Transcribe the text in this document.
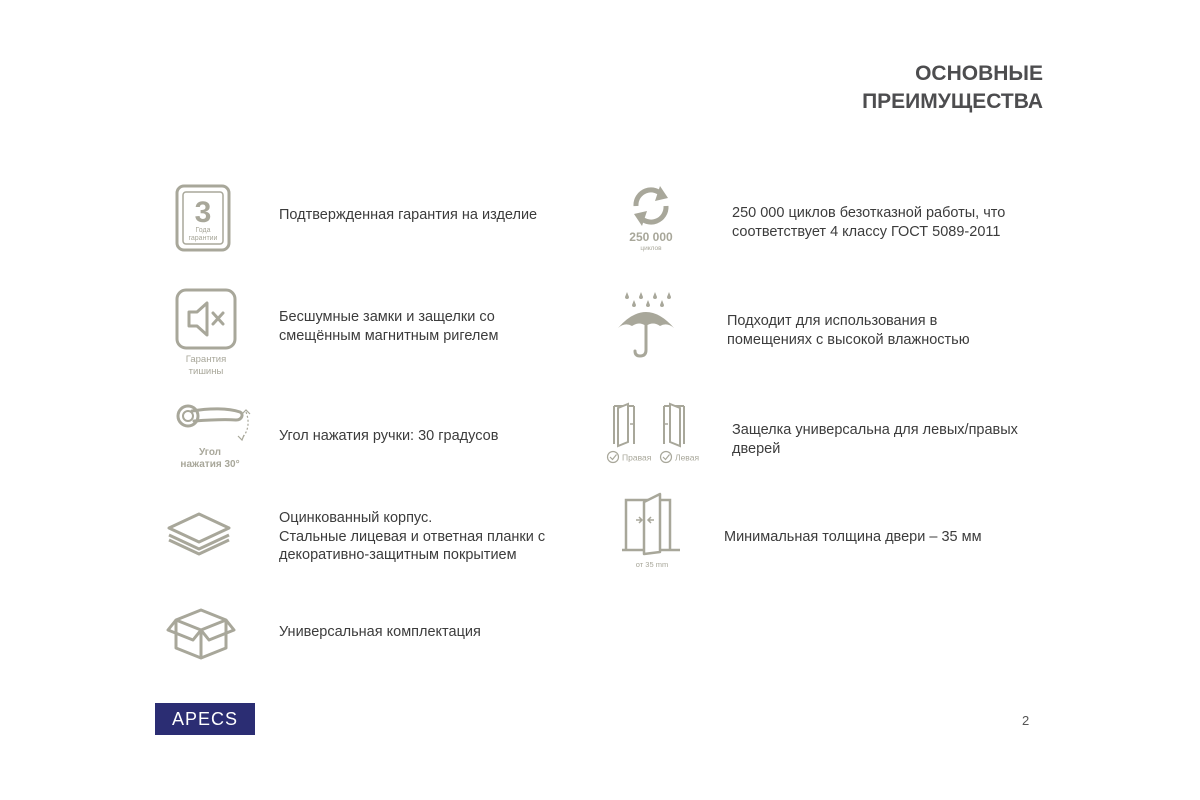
ОСНОВНЫЕ
ПРЕИМУЩЕСТВА
3
Года
гарантии
Подтвержденная гарантия на изделие
Гарантия
тишины
Бесшумные замки и защелки со
смещённым магнитным ригелем
Угол
нажатия 30°
Угол нажатия ручки: 30 градусов
Оцинкованный корпус.
Стальные лицевая и ответная планки с
декоративно-защитным покрытием
Универсальная комплектация
250 000
циклов
250 000 циклов безотказной работы, что
соответствует 4 классу ГОСТ 5089-2011
Подходит для использования в
помещениях с высокой влажностью
Правая	Левая
Защелка универсальна для левых/правых
дверей
от 35 mm
Минимальная толщина двери – 35 мм
APECS	2
